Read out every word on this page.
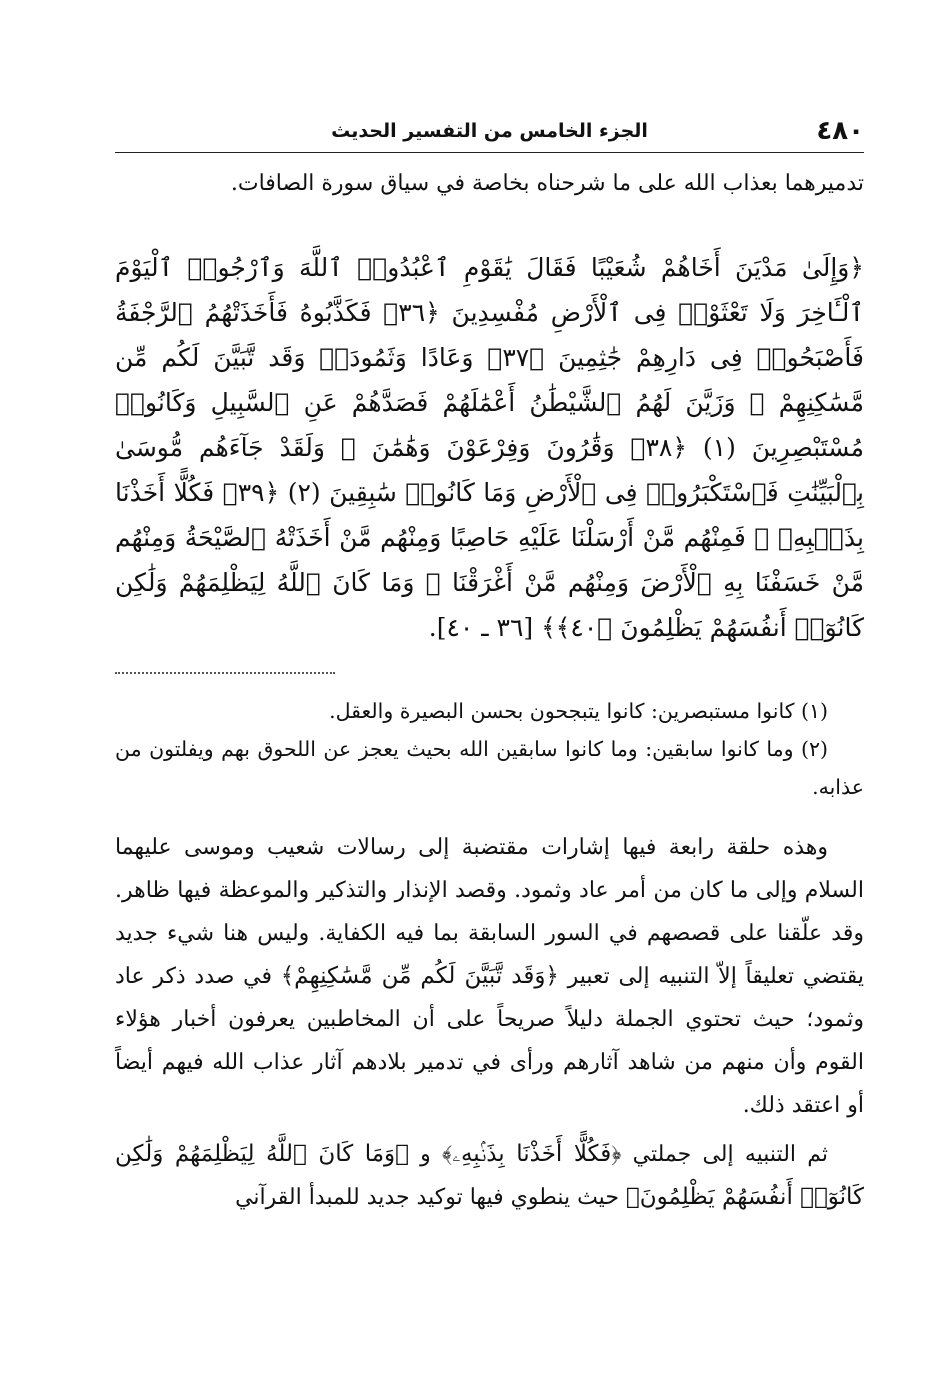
٤٨٠
الجزء الخامس من التفسير الحديث

تدميرهما بعذاب الله على ما شرحناه بخاصة في سياق سورة الصافات.

﴿وَإِلَىٰ مَدْيَنَ أَخَاهُمْ شُعَيْبًا فَقَالَ يَٰقَوْمِ ٱعْبُدُوا۟ ٱللَّهَ وَٱرْجُوا۟ ٱلْيَوْمَ ٱلْـَٔاخِرَ وَلَا تَعْثَوْا۟ فِى ٱلْأَرْضِ مُفْسِدِينَ ﴿٣٦﴾ فَكَذَّبُوهُ فَأَخَذَتْهُمُ ٱلرَّجْفَةُ فَأَصْبَحُوا۟ فِى دَارِهِمْ جَٰثِمِينَ ﴿٣٧﴾ وَعَادًا وَثَمُودَا۟ وَقَد تَّبَيَّنَ لَكُم مِّن مَّسَٰكِنِهِمْ ۖ وَزَيَّنَ لَهُمُ ٱلشَّيْطَٰنُ أَعْمَٰلَهُمْ فَصَدَّهُمْ عَنِ ٱلسَّبِيلِ وَكَانُوا۟ مُسْتَبْصِرِينَ (١) ﴿٣٨﴾ وَقَٰرُونَ وَفِرْعَوْنَ وَهَٰمَٰنَ ۖ وَلَقَدْ جَآءَهُم مُّوسَىٰ بِٱلْبَيِّنَٰتِ فَٱسْتَكْبَرُوا۟ فِى ٱلْأَرْضِ وَمَا كَانُوا۟ سَٰبِقِينَ (٢) ﴿٣٩﴾ فَكُلًّا أَخَذْنَا بِذَنۢبِهِۦ ۖ فَمِنْهُم مَّنْ أَرْسَلْنَا عَلَيْهِ حَاصِبًا وَمِنْهُم مَّنْ أَخَذَتْهُ ٱلصَّيْحَةُ وَمِنْهُم مَّنْ خَسَفْنَا بِهِ ٱلْأَرْضَ وَمِنْهُم مَّنْ أَغْرَقْنَا ۚ وَمَا كَانَ ٱللَّهُ لِيَظْلِمَهُمْ وَلَٰكِن كَانُوٓا۟ أَنفُسَهُمْ يَظْلِمُونَ ﴿٤٠﴾﴾ [٣٦ ـ ٤٠].

(١) كانوا مستبصرين: كانوا يتبجحون بحسن البصيرة والعقل.

(٢) وما كانوا سابقين: وما كانوا سابقين الله بحيث يعجز عن اللحوق بهم ويفلتون من عذابه.

وهذه حلقة رابعة فيها إشارات مقتضبة إلى رسالات شعيب وموسى عليهما السلام وإلى ما كان من أمر عاد وثمود. وقصد الإنذار والتذكير والموعظة فيها ظاهر. وقد علّقنا على قصصهم في السور السابقة بما فيه الكفاية. وليس هنا شيء جديد يقتضي تعليقاً إلاّ التنبيه إلى تعبير ﴿وَقَد تَّبَيَّنَ لَكُم مِّن مَّسَٰكِنِهِمْ﴾ في صدد ذكر عاد وثمود؛ حيث تحتوي الجملة دليلاً صريحاً على أن المخاطبين يعرفون أخبار هؤلاء القوم وأن منهم من شاهد آثارهم ورأى في تدمير بلادهم آثار عذاب الله فيهم أيضاً أو اعتقد ذلك.

ثم التنبيه إلى جملتي ﴿فَكُلًّا أَخَذْنَا بِذَنۢبِهِۦ﴾ و ﴿وَمَا كَانَ ٱللَّهُ لِيَظْلِمَهُمْ وَلَٰكِن كَانُوٓا۟ أَنفُسَهُمْ يَظْلِمُونَ﴾ حيث ينطوي فيها توكيد جديد للمبدأ القرآني
